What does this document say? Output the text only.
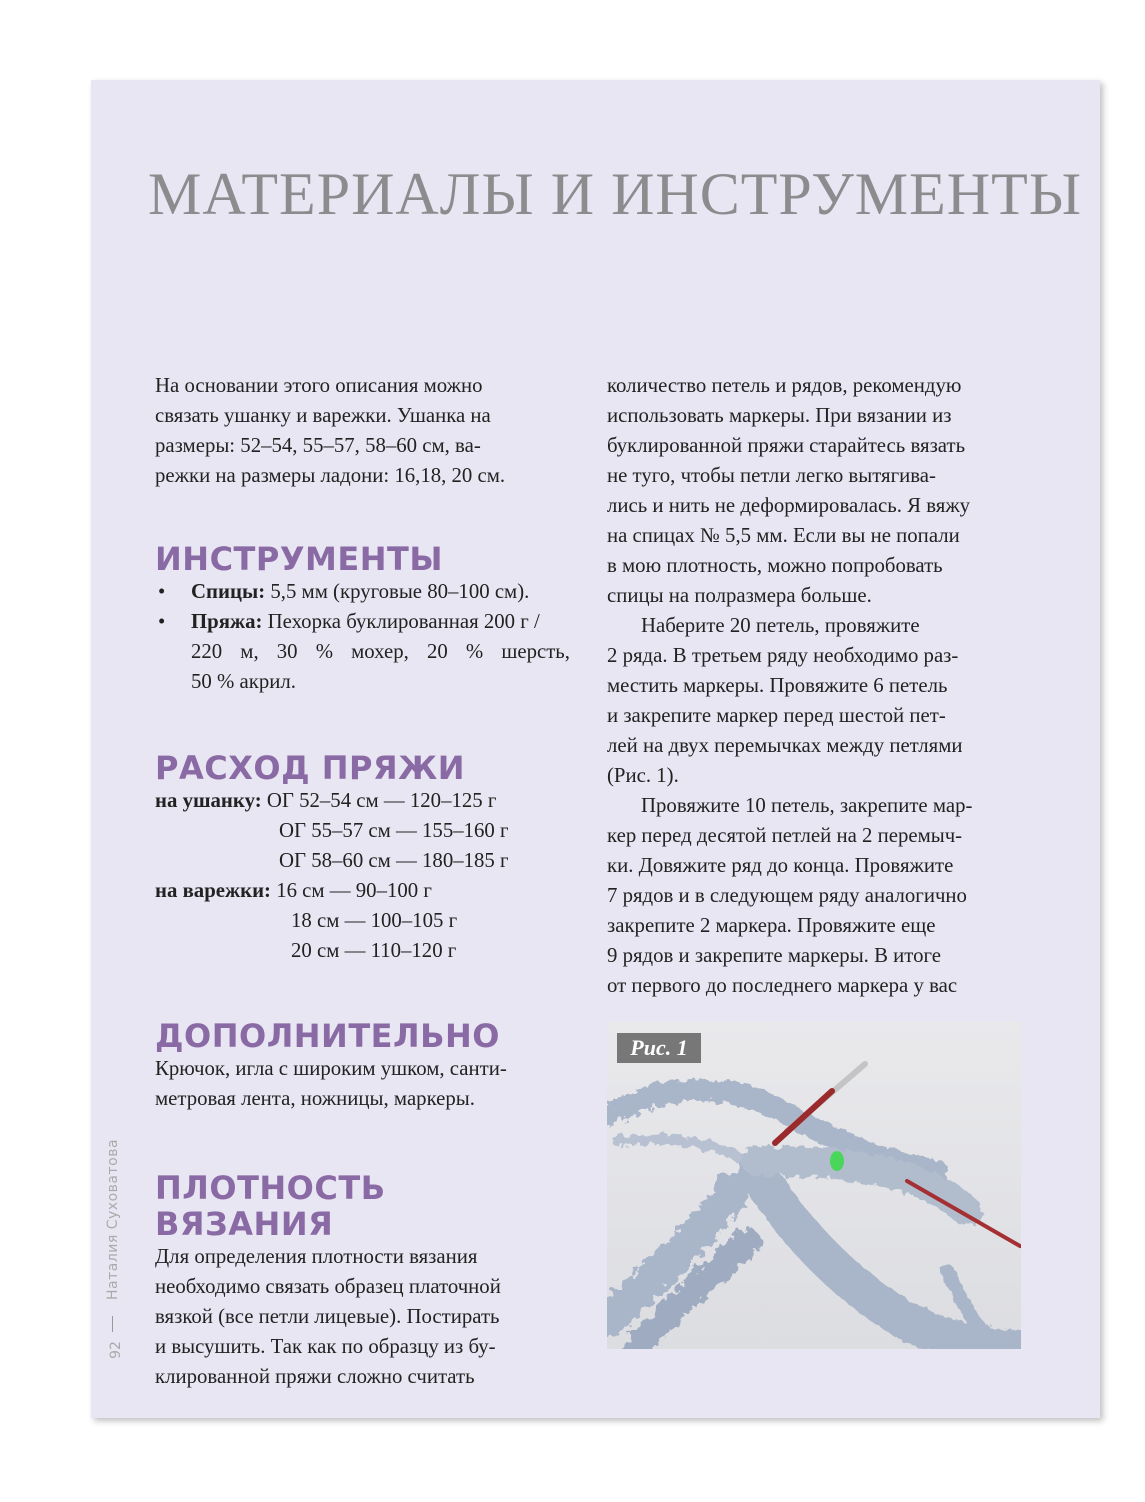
МАТЕРИАЛЫ И ИНСТРУМЕНТЫ

На основании этого описания можно

связать ушанку и варежки. Ушанка на

размеры: 52–54, 55–57, 58–60 см, ва-

режки на размеры ладони: 16,18, 20 см.

ИНСТРУМЕНТЫ

• Спицы: 5,5 мм (круговые 80–100 см).

• Пряжа: Пехорка буклированная 200 г /

220 м, 30 % мохер, 20 % шерсть,

50 % акрил.

РАСХОД ПРЯЖИ

на ушанку: ОГ 52–54 см — 120–125 г

ОГ 55–57 см — 155–160 г

ОГ 58–60 см — 180–185 г

на варежки: 16 см — 90–100 г

18 см — 100–105 г

20 см — 110–120 г

ДОПОЛНИТЕЛЬНО

Крючок, игла с широким ушком, санти-

метровая лента, ножницы, маркеры.

ПЛОТНОСТЬ ВЯЗАНИЯ

Для определения плотности вязания

необходимо связать образец платочной

вязкой (все петли лицевые). Постирать

и высушить. Так как по образцу из бу-

клированной пряжи сложно считать

количество петель и рядов, рекомендую

использовать маркеры. При вязании из

буклированной пряжи старайтесь вязать

не туго, чтобы петли легко вытягива-

лись и нить не деформировалась. Я вяжу

на спицах № 5,5 мм. Если вы не попали

в мою плотность, можно попробовать

спицы на полразмера больше.

Наберите 20 петель, провяжите

2 ряда. В третьем ряду необходимо раз-

местить маркеры. Провяжите 6 петель

и закрепите маркер перед шестой пет-

лей на двух перемычках между петлями

(Рис. 1).

Провяжите 10 петель, закрепите мар-

кер перед десятой петлей на 2 перемыч-

ки. Довяжите ряд до конца. Провяжите

7 рядов и в следующем ряду аналогично

закрепите 2 маркера. Провяжите еще

9 рядов и закрепите маркеры. В итоге

от первого до последнего маркера у вас

Рис. 1
Наталия Суховатова
92
